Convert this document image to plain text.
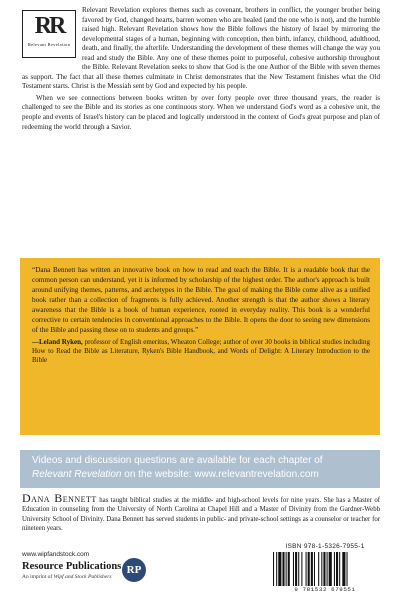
RR
Relevant Revelation

Relevant Revelation explores themes such as covenant, brothers in conflict, the younger brother being favored by God, changed hearts, barren women who are healed (and the one who is not), and the humble raised high. Relevant Revelation shows how the Bible follows the history of Israel by mirroring the developmental stages of a human, beginning with conception, then birth, infancy, childhood, adulthood, death, and finally, the afterlife. Understanding the development of these themes will change the way you read and study the Bible. Any one of these themes point to purposeful, cohesive authorship throughout the Bible. Relevant Revelation seeks to show that God is the one Author of the Bible with seven themes as support. The fact that all these themes culminate in Christ demonstrates that the New Testament finishes what the Old Testament starts. Christ is the Messiah sent by God and expected by his people.

When we see connections between books written by over forty people over three thousand years, the reader is challenged to see the Bible and its stories as one continuous story. When we understand God's word as a cohesive unit, the people and events of Israel's history can be placed and logically understood in the context of God's great purpose and plan of redeeming the world through a Savior.

“Dana Bennett has written an innovative book on how to read and teach the Bible. It is a readable book that the common person can understand, yet it is informed by scholarship of the highest order. The author's approach is built around unifying themes, patterns, and archetypes in the Bible. The goal of making the Bible come alive as a unified book rather than a collection of fragments is fully achieved. Another strength is that the author shows a literary awareness that the Bible is a book of human experience, rooted in everyday reality. This book is a wonderful corrective to certain tendencies in conventional approaches to the Bible. It opens the door to seeing new dimensions of the Bible and passing these on to students and groups.”

—Leland Ryken, professor of English emeritus, Wheaton College; author of over 30 books in biblical studies including How to Read the Bible as Literature, Ryken's Bible Handbook, and Words of Delight: A Literary Introduction to the Bible

Videos and discussion questions are available for each chapter of
Relevant Revelation on the website: www.relevantrevelation.com
Dana Bennett has taught biblical studies at the middle- and high-school levels for nine years. She has a Master of Education in counseling from the University of North Carolina at Chapel Hill and a Master of Divinity from the Gardner-Webb University School of Divinity. Dana Bennett has served students in public- and private-school settings as a counselor or teacher for nineteen years.
www.wipfandstock.com
Resource Publications
An imprint of Wipf and Stock Publishers
RP
ISBN 978-1-5326-7955-1
9 781532 679551
